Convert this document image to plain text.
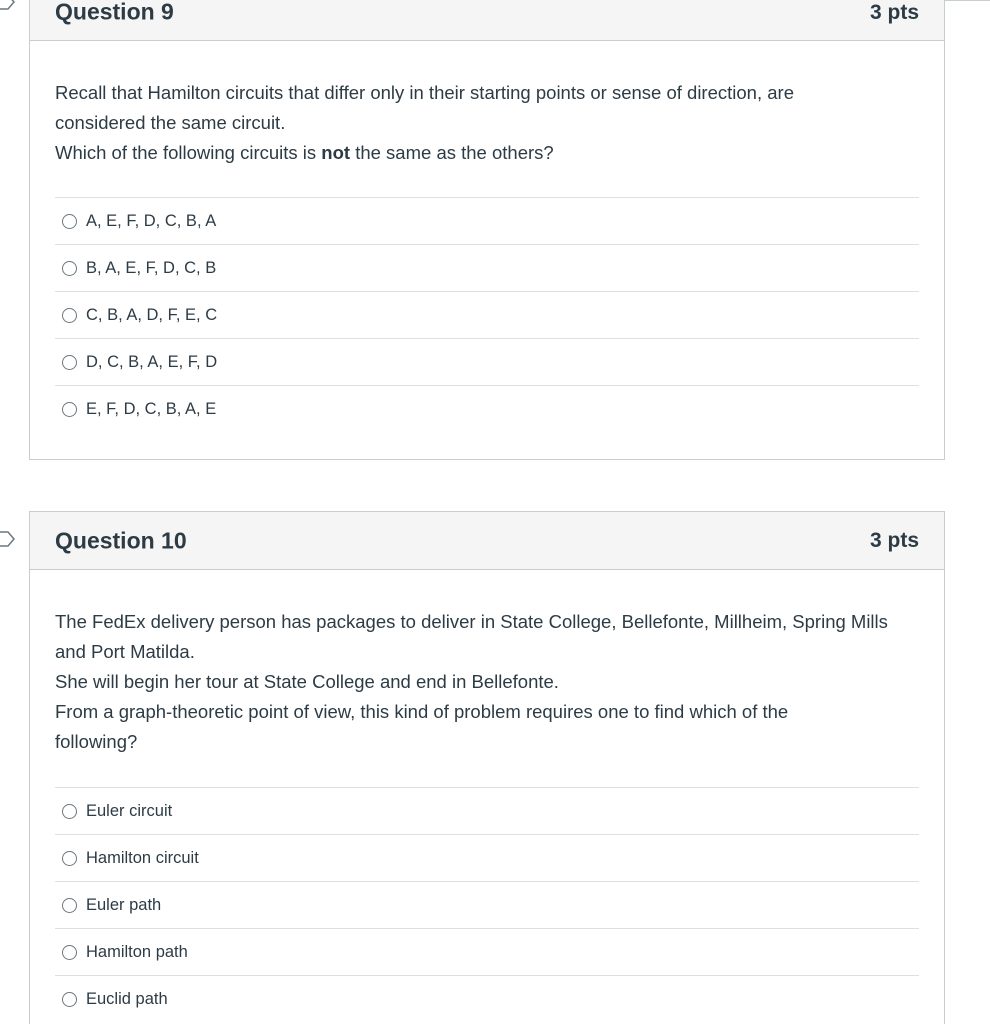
Question 9	3 pts

Recall that Hamilton circuits that differ only in their starting points or sense of direction, are considered the same circuit.

Which of the following circuits is not the same as the others?

A, E, F, D, C, B, A
B, A, E, F, D, C, B
C, B, A, D, F, E, C
D, C, B, A, E, F, D
E, F, D, C, B, A, E
Question 10	3 pts

The FedEx delivery person has packages to deliver in State College, Bellefonte, Millheim, Spring Mills and Port Matilda.

She will begin her tour at State College and end in Bellefonte.

From a graph-theoretic point of view, this kind of problem requires one to find which of the following?

Euler circuit
Hamilton circuit
Euler path
Hamilton path
Euclid path
